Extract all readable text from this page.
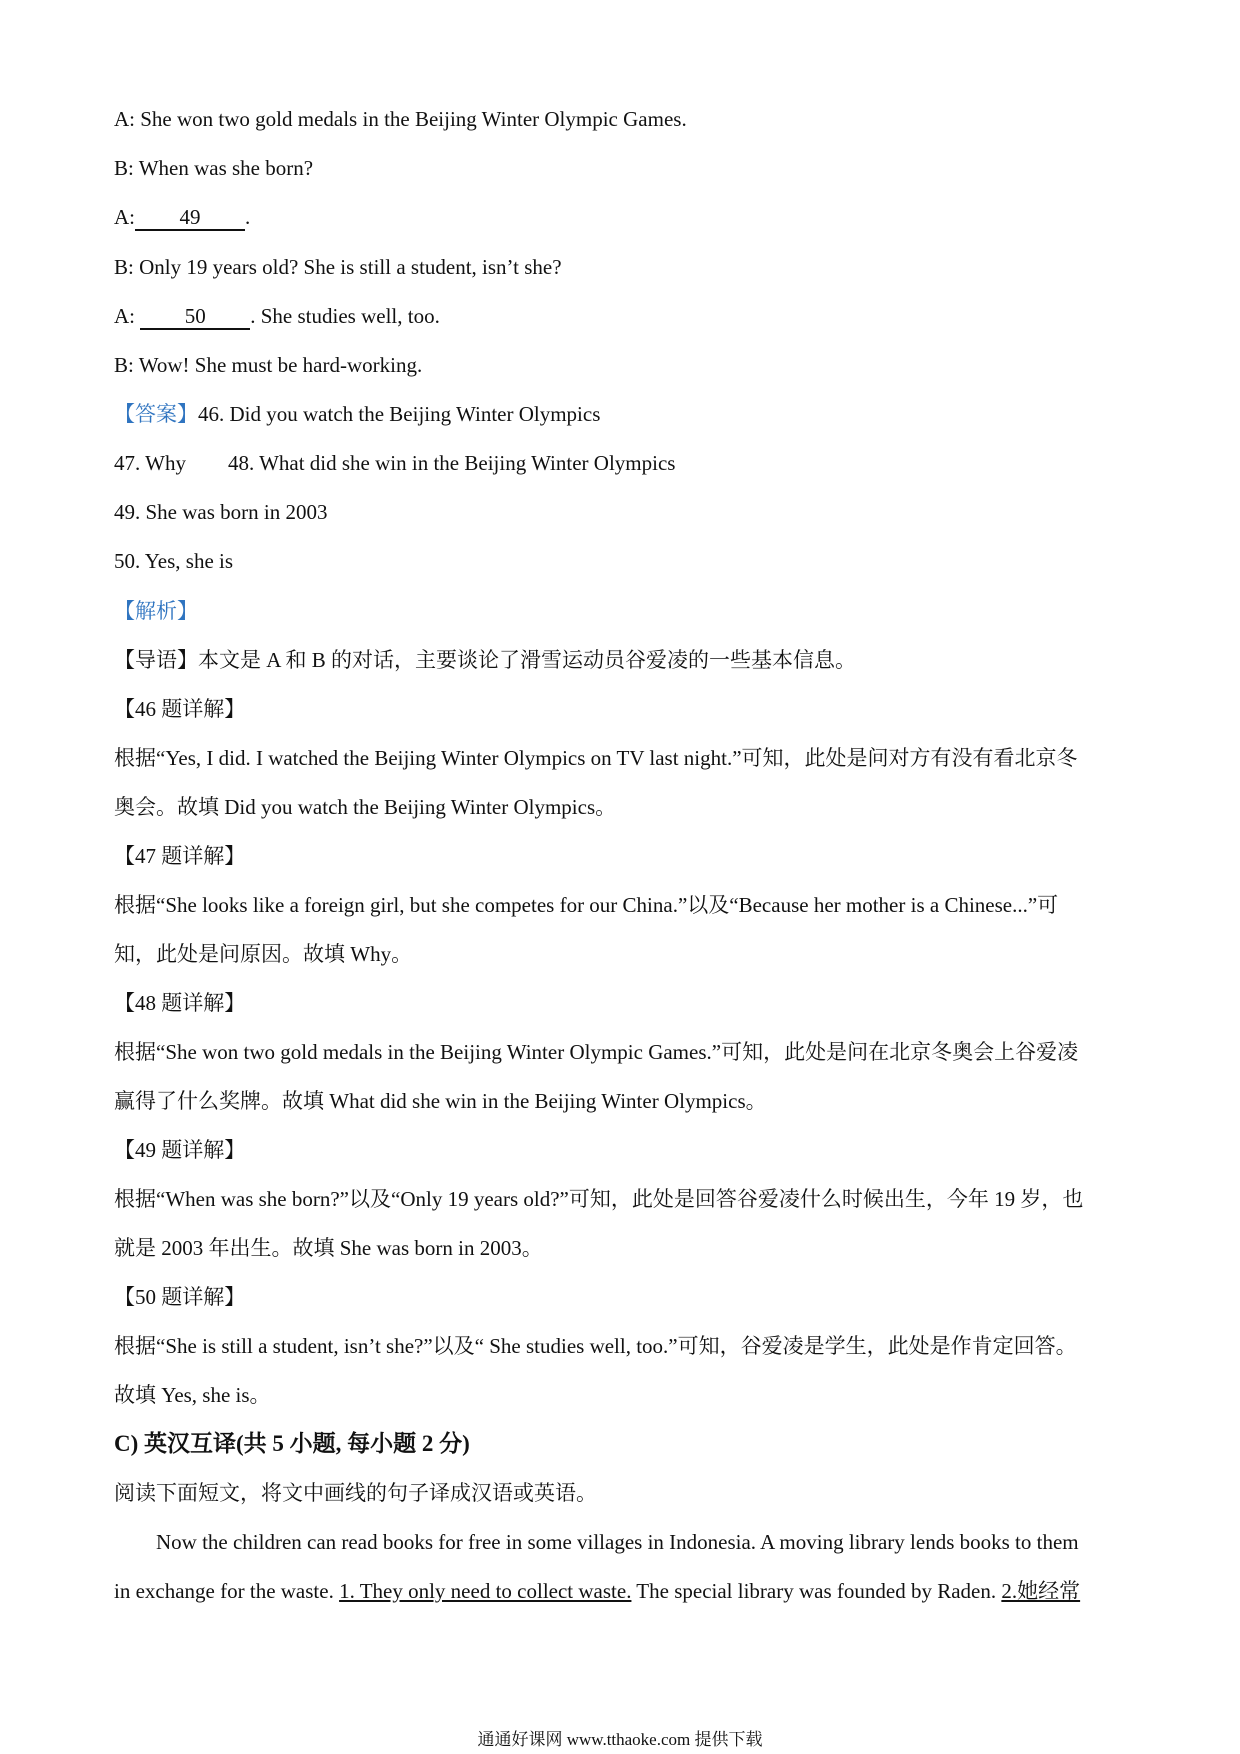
A: She won two gold medals in the Beijing Winter Olympic Games.
B: When was she born?
A: 49 .
B: Only 19 years old? She is still a student, isn’t she?
A: 50 . She studies well, too.
B: Wow! She must be hard-working.
【答案】46. Did you watch the Beijing Winter Olympics
47. Why 48. What did she win in the Beijing Winter Olympics
49. She was born in 2003
50. Yes, she is
【解析】
【导语】本文是 A 和 B 的对话，主要谈论了滑雪运动员谷爱凌的一些基本信息。
【46 题详解】
根据“Yes, I did. I watched the Beijing Winter Olympics on TV last night.”可知，此处是问对方有没有看北京冬
奥会。故填 Did you watch the Beijing Winter Olympics。
【47 题详解】
根据“She looks like a foreign girl, but she competes for our China.”以及“Because her mother is a Chinese...”可
知，此处是问原因。故填 Why。
【48 题详解】
根据“She won two gold medals in the Beijing Winter Olympic Games.”可知，此处是问在北京冬奥会上谷爱凌
赢得了什么奖牌。故填 What did she win in the Beijing Winter Olympics。
【49 题详解】
根据“When was she born?”以及“Only 19 years old?”可知，此处是回答谷爱凌什么时候出生，今年 19 岁，也
就是 2003 年出生。故填 She was born in 2003。
【50 题详解】
根据“She is still a student, isn’t she?”以及“ She studies well, too.”可知，谷爱凌是学生，此处是作肯定回答。
故填 Yes, she is。
C) 英汉互译(共 5 小题, 每小题 2 分)
阅读下面短文，将文中画线的句子译成汉语或英语。
Now the children can read books for free in some villages in Indonesia. A moving library lends books to them
in exchange for the waste. 1. They only need to collect waste. The special library was founded by Raden. 2.她经常
通通好课网 www.tthaoke.com 提供下载
